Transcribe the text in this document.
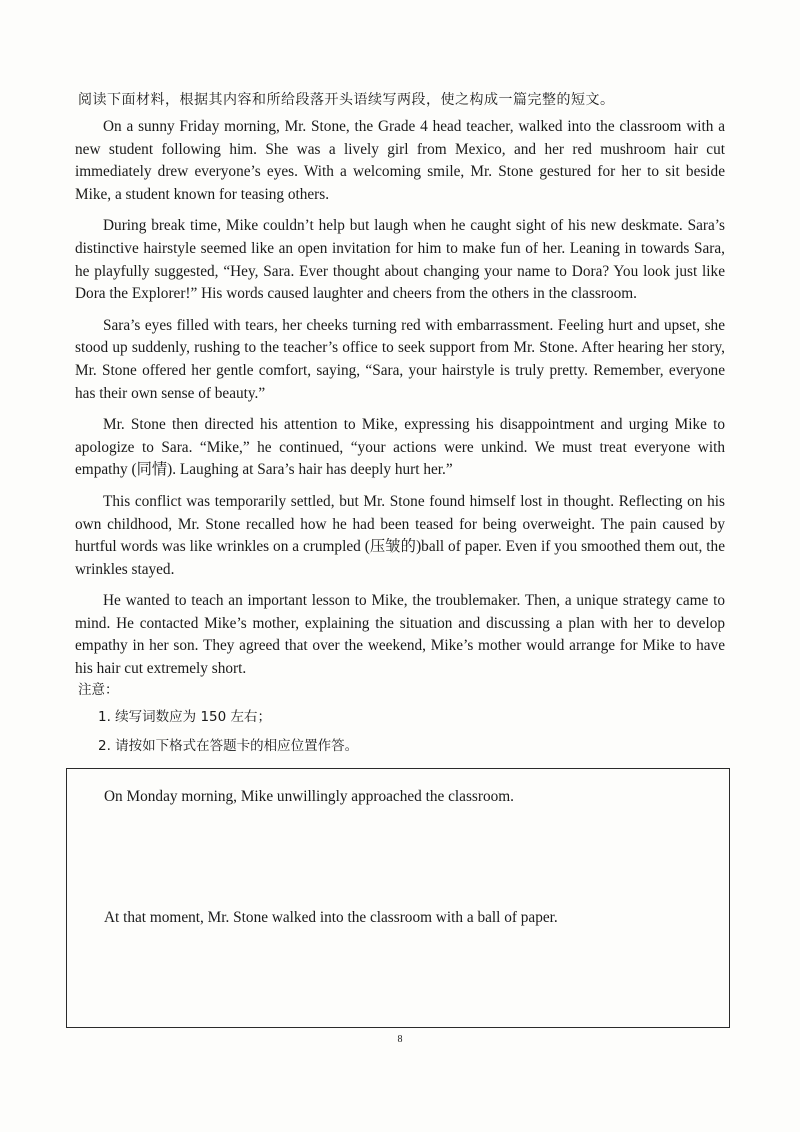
阅读下面材料，根据其内容和所给段落开头语续写两段，使之构成一篇完整的短文。

On a sunny Friday morning, Mr. Stone, the Grade 4 head teacher, walked into the classroom with a new student following him. She was a lively girl from Mexico, and her red mushroom hair cut immediately drew everyone’s eyes. With a welcoming smile, Mr. Stone gestured for her to sit beside Mike, a student known for teasing others.

During break time, Mike couldn’t help but laugh when he caught sight of his new deskmate. Sara’s distinctive hairstyle seemed like an open invitation for him to make fun of her. Leaning in towards Sara, he playfully suggested, “Hey, Sara. Ever thought about changing your name to Dora? You look just like Dora the Explorer!” His words caused laughter and cheers from the others in the classroom.

Sara’s eyes filled with tears, her cheeks turning red with embarrassment. Feeling hurt and upset, she stood up suddenly, rushing to the teacher’s office to seek support from Mr. Stone. After hearing her story, Mr. Stone offered her gentle comfort, saying, “Sara, your hairstyle is truly pretty. Remember, everyone has their own sense of beauty.”

Mr. Stone then directed his attention to Mike, expressing his disappointment and urging Mike to apologize to Sara. “Mike,” he continued, “your actions were unkind. We must treat everyone with empathy (同情). Laughing at Sara’s hair has deeply hurt her.”

This conflict was temporarily settled, but Mr. Stone found himself lost in thought. Reflecting on his own childhood, Mr. Stone recalled how he had been teased for being overweight. The pain caused by hurtful words was like wrinkles on a crumpled (压皱的)ball of paper. Even if you smoothed them out, the wrinkles stayed.

He wanted to teach an important lesson to Mike, the troublemaker. Then, a unique strategy came to mind. He contacted Mike’s mother, explaining the situation and discussing a plan with her to develop empathy in her son. They agreed that over the weekend, Mike’s mother would arrange for Mike to have his hair cut extremely short.

注意：
1. 续写词数应为 150 左右；
2. 请按如下格式在答题卡的相应位置作答。
On Monday morning, Mike unwillingly approached the classroom.
At that moment, Mr. Stone walked into the classroom with a ball of paper.
8
